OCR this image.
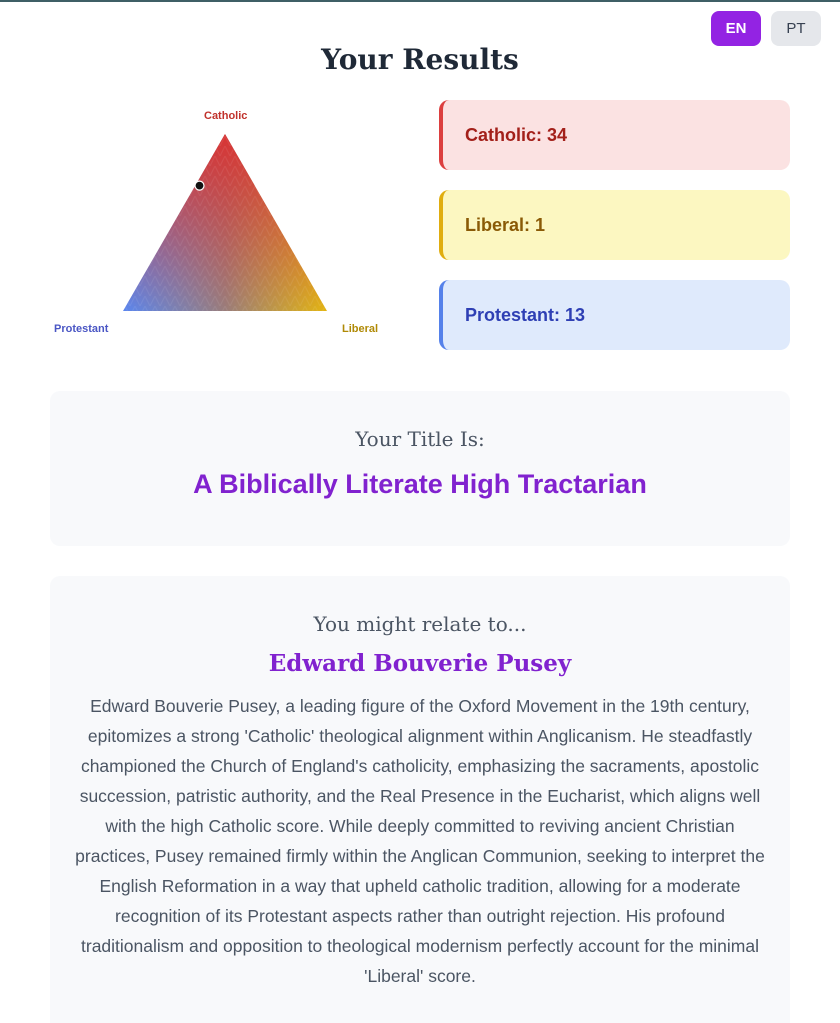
EN	PT
Your Results
Catholic
Protestant	Liberal
Catholic: 34
Liberal: 1
Protestant: 13
Your Title Is:
A Biblically Literate High Tractarian
You might relate to...
Edward Bouverie Pusey
Edward Bouverie Pusey, a leading figure of the Oxford Movement in the 19th century, epitomizes a strong 'Catholic' theological alignment within Anglicanism. He steadfastly championed the Church of England's catholicity, emphasizing the sacraments, apostolic succession, patristic authority, and the Real Presence in the Eucharist, which aligns well with the high Catholic score. While deeply committed to reviving ancient Christian practices, Pusey remained firmly within the Anglican Communion, seeking to interpret the English Reformation in a way that upheld catholic tradition, allowing for a moderate recognition of its Protestant aspects rather than outright rejection. His profound traditionalism and opposition to theological modernism perfectly account for the minimal 'Liberal' score.
